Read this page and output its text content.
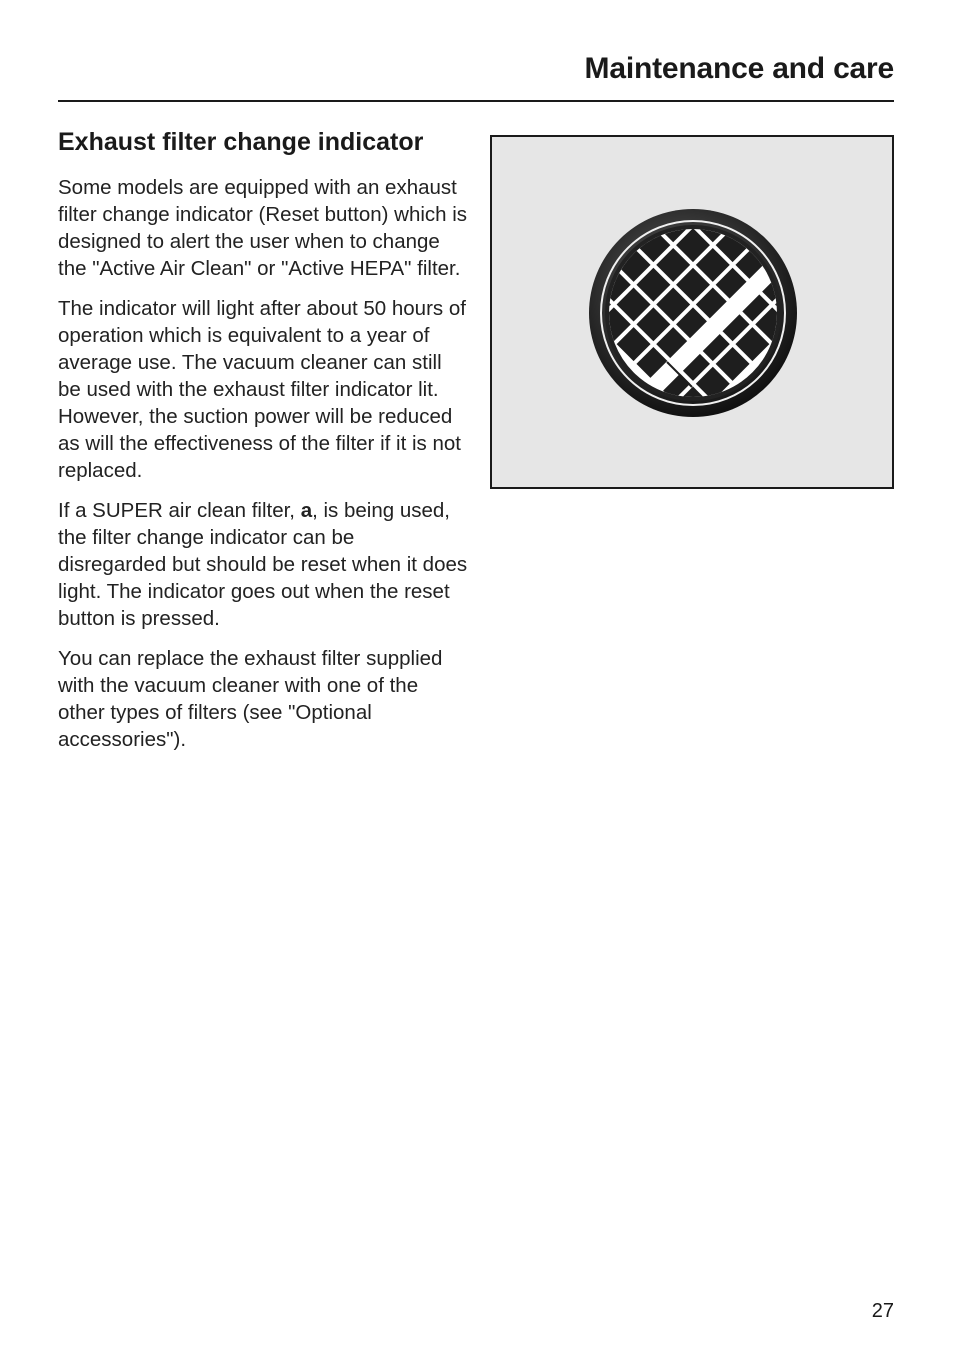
Maintenance and care
Exhaust filter change indicator

Some models are equipped with an exhaust filter change indicator (Reset button) which is designed to alert the user when to change the "Active Air Clean" or "Active HEPA" filter.

The indicator will light after about 50 hours of operation which is equivalent to a year of average use. The vacuum cleaner can still be used with the exhaust filter indicator lit. However, the suction power will be reduced as will the effectiveness of the filter if it is not replaced.

If a SUPER air clean filter, a, is being used, the filter change indicator can be disregarded but should be reset when it does light. The indicator goes out when the reset button is pressed.

You can replace the exhaust filter supplied with the vacuum cleaner with one of the other types of filters (see "Optional accessories").

27
